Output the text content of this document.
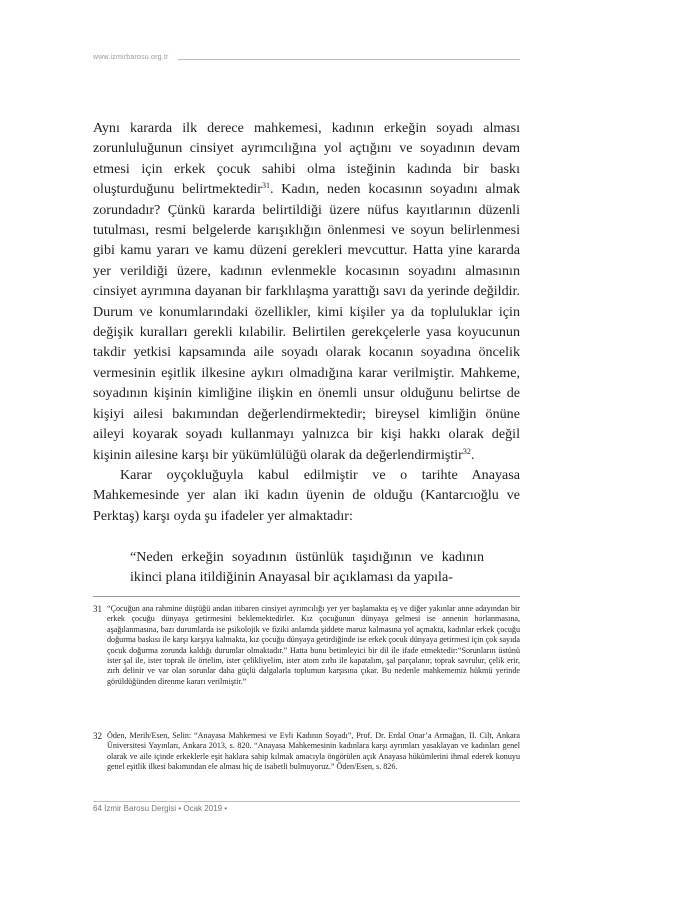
www.izmirbarosu.org.tr
Aynı kararda ilk derece mahkemesi, kadının erkeğin soyadı alması zorunluluğunun cinsiyet ayrımcılığına yol açtığını ve soyadının devam etmesi için erkek çocuk sahibi olma isteğinin kadında bir baskı oluşturduğunu belirtmektedir$^{31}$. Kadın, neden kocasının soyadını almak zorundadır? Çünkü kararda belirtildiği üzere nüfus kayıtlarının düzenli tutulması, resmi belgelerde karışıklığın önlenmesi ve soyun belirlenmesi gibi kamu yararı ve kamu düzeni gerekleri mevcuttur. Hatta yine kararda yer verildiği üzere, kadının evlenmekle kocasının soyadını almasının cinsiyet ayrımına dayanan bir farklılaşma yarattığı savı da yerinde değildir. Durum ve konumlarındaki özellikler, kimi kişiler ya da topluluklar için değişik kuralları gerekli kılabilir. Belirtilen gerekçelerle yasa koyucunun takdir yetkisi kapsamında aile soyadı olarak kocanın soyadına öncelik vermesinin eşitlik ilkesine aykırı olmadığına karar verilmiştir. Mahkeme, soyadının kişinin kimliğine ilişkin en önemli unsur olduğunu belirtse de kişiyi ailesi bakımından değerlendirmektedir; bireysel kimliğin önüne aileyi koyarak soyadı kullanmayı yalnızca bir kişi hakkı olarak değil kişinin ailesine karşı bir yükümlülüğü olarak da değerlendirmiştir$^{32}$.
Karar oyçokluğuyla kabul edilmiştir ve o tarihte Anayasa Mahkemesinde yer alan iki kadın üyenin de olduğu (Kantarcıoğlu ve Perktaş) karşı oyda şu ifadeler yer almaktadır:
“Neden erkeğin soyadının üstünlük taşıdığının ve kadının ikinci plana itildiğinin Anayasal bir açıklaması da yapıla-
31 “Çocuğun ana rahmine düştüğü andan itibaren cinsiyet ayrımcılığı yer yer başlamakta eş ve diğer yakınlar anne adayından bir erkek çocuğu dünyaya getirmesini beklemektedirler. Kız çocuğunun dünyaya gelmesi ise annenin horlanmasına, aşağılanmasına, bazı durumlarda ise psikolojik ve fiziki anlamda şiddete maruz kalmasına yol açmakta, kadınlar erkek çocuğu doğurma baskısı ile karşı karşıya kalmakta, kız çocuğu dünyaya getirdiğinde ise erkek çocuk dünyaya getirmesi için çok sayıda çocuk doğurma zorunda kaldığı durumlar olmaktadır.” Hatta bunu betimleyici bir dil ile ifade etmektedir:“Sorunların üstünü ister şal ile, ister toprak ile örtelim, ister çelikliyelim, ister atom zırhı ile kapatalım, şal parçalanır, toprak savrulur, çelik erir, zırh delinir ve var olan sorunlar daha güçlü dalgalarla toplumun karşısına çıkar. Bu nedenle mahkememiz hükmü yerinde görüldüğünden direnme kararı verilmiştir.”
32 Öden, Merih/Esen, Selin: “Anayasa Mahkemesi ve Evli Kadının Soyadı”, Prof. Dr. Erdal Onar’a Armağan, II. Cilt, Ankara Üniversitesi Yayınları, Ankara 2013, s. 820. “Anayasa Mahkemesinin kadınlara karşı ayrımları yasaklayan ve kadınları genel olarak ve aile içinde erkeklerle eşit haklara sahip kılmak amacıyla öngörülen açık Anayasa hükümlerini ihmal ederek konuyu genel eşitlik ilkesi bakımından ele alması hiç de isabetli bulmuyoruz.” Öden/Esen, s. 826.
64 İzmir Barosu Dergisi • Ocak 2019 •
